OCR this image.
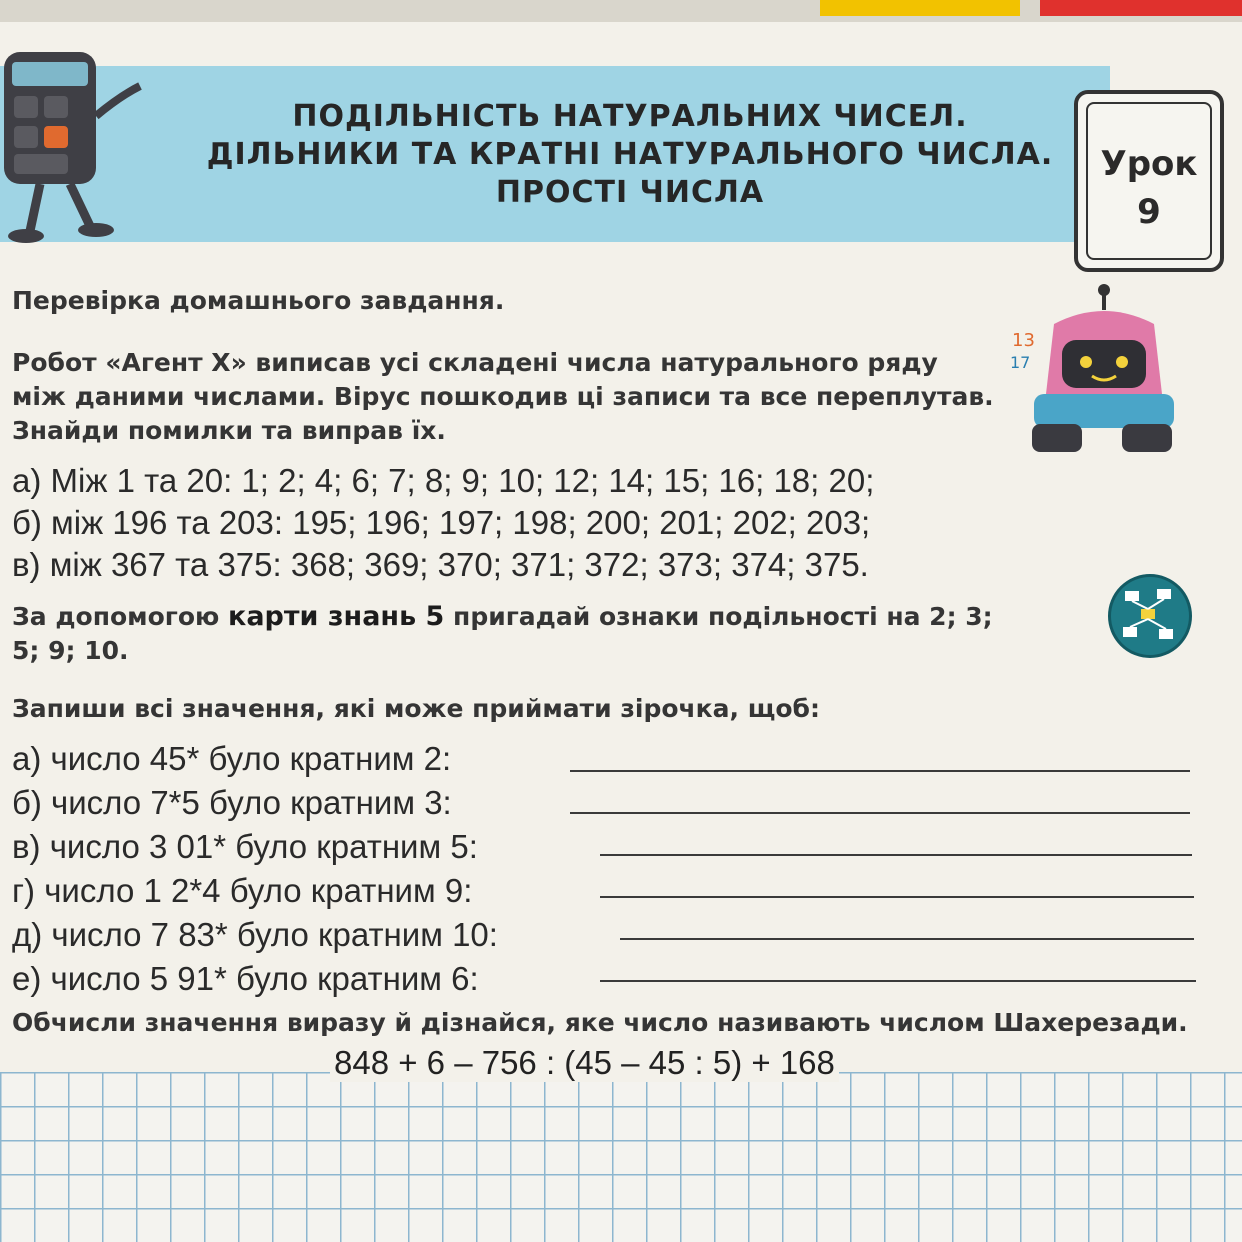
ПОДІЛЬНІСТЬ НАТУРАЛЬНИХ ЧИСЕЛ.
ДІЛЬНИКИ ТА КРАТНІ НАТУРАЛЬНОГО ЧИСЛА.
ПРОСТІ ЧИСЛА
Урок
9
Перевірка домашнього завдання.
Робот «Агент Х» виписав усі складені числа натурального ряду
між даними числами. Вірус пошкодив ці записи та все переплутав.
Знайди помилки та виправ їх.
13
17
а) Між 1 та 20: 1; 2; 4; 6; 7; 8; 9; 10; 12; 14; 15; 16; 18; 20;
б) між 196 та 203: 195; 196; 197; 198; 200; 201; 202; 203;
в) між 367 та 375: 368; 369; 370; 371; 372; 373; 374; 375.
За допомогою карти знань 5 пригадай ознаки подільності на 2; 3;
5; 9; 10.
Запиши всі значення, які може приймати зірочка, щоб:
а) число 45* було кратним 2:
б) число 7*5 було кратним 3:
в) число 3 01* було кратним 5:
г) число 1 2*4 було кратним 9:
д) число 7 83* було кратним 10:
е) число 5 91* було кратним 6:
Обчисли значення виразу й дізнайся, яке число називають числом Шахерезади.
848 + 6 – 756 : (45 – 45 : 5) + 168
